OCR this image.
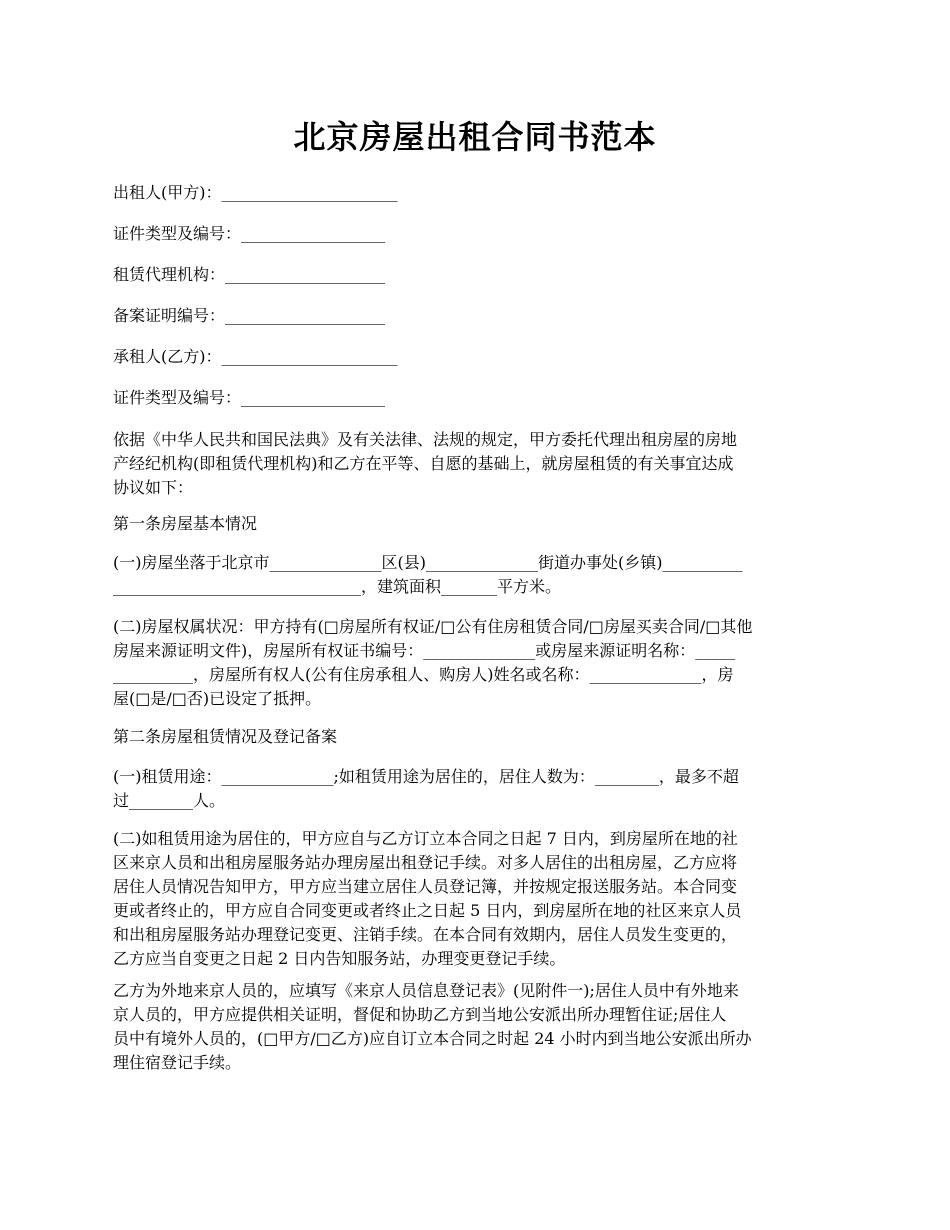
北京房屋出租合同书范本
出租人(甲方)：______________________
证件类型及编号：__________________
租赁代理机构：____________________
备案证明编号：____________________
承租人(乙方)：______________________
证件类型及编号：__________________
依据《中华人民共和国民法典》及有关法律、法规的规定，甲方委托代理出租房屋的房地
产经纪机构(即租赁代理机构)和乙方在平等、自愿的基础上，就房屋租赁的有关事宜达成
协议如下：
第一条房屋基本情况
(一)房屋坐落于北京市______________区(县)______________街道办事处(乡镇)__________
_______________________________，建筑面积_______平方米。
(二)房屋权属状况：甲方持有(□房屋所有权证/□公有住房租赁合同/□房屋买卖合同/□其他
房屋来源证明文件)，房屋所有权证书编号：______________或房屋来源证明名称：_____
__________，房屋所有权人(公有住房承租人、购房人)姓名或名称：______________，房
屋(□是/□否)已设定了抵押。
第二条房屋租赁情况及登记备案
(一)租赁用途：______________;如租赁用途为居住的，居住人数为：________，最多不超
过________人。
(二)如租赁用途为居住的，甲方应自与乙方订立本合同之日起 7 日内，到房屋所在地的社
区来京人员和出租房屋服务站办理房屋出租登记手续。对多人居住的出租房屋，乙方应将
居住人员情况告知甲方，甲方应当建立居住人员登记簿，并按规定报送服务站。本合同变
更或者终止的，甲方应自合同变更或者终止之日起 5 日内，到房屋所在地的社区来京人员
和出租房屋服务站办理登记变更、注销手续。在本合同有效期内，居住人员发生变更的，
乙方应当自变更之日起 2 日内告知服务站，办理变更登记手续。
乙方为外地来京人员的，应填写《来京人员信息登记表》(见附件一);居住人员中有外地来
京人员的，甲方应提供相关证明，督促和协助乙方到当地公安派出所办理暂住证;居住人
员中有境外人员的，(□甲方/□乙方)应自订立本合同之时起 24 小时内到当地公安派出所办
理住宿登记手续。
